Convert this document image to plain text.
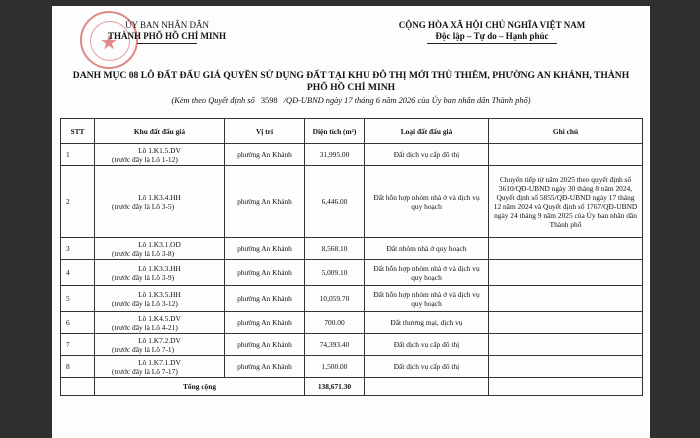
★
ỦY BAN NHÂN DÂN
THÀNH PHỐ HỒ CHÍ MINH
CỘNG HÒA XÃ HỘI CHỦ NGHĨA VIỆT NAM
Độc lập – Tự do – Hạnh phúc
DANH MỤC 08 LÔ ĐẤT ĐẤU GIÁ QUYỀN SỬ DỤNG ĐẤT TẠI KHU ĐÔ THỊ MỚI THỦ THIÊM, PHƯỜNG AN KHÁNH, THÀNH PHỐ HỒ CHÍ MINH
(Kèm theo Quyết định số 3598 /QĐ-UBND ngày 17 tháng 6 năm 2026 của Ủy ban nhân dân Thành phố)
STT	Khu đất đấu giá	Vị trí	Diện tích (m²)	Loại đất đấu giá	Ghi chú
1	Lô 1.K1.5.DV
(trước đây là Lô 1-12)	phường An Khánh	31,995.00	Đất dịch vụ cấp đô thị	
2	Lô 1.K3.4.HH
(trước đây là Lô 3-5)	phường An Khánh	6,446.00	Đất hỗn hợp nhóm nhà ở và dịch vụ quy hoạch	Chuyển tiếp từ năm 2025 theo quyết định số 3610/QĐ-UBND ngày 30 tháng 8 năm 2024, Quyết định số 5855/QĐ-UBND ngày 17 tháng 12 năm 2024 và Quyết định số 1767/QĐ-UBND ngày 24 tháng 9 năm 2025 của Ủy ban nhân dân Thành phố
3	Lô 1.K3.1.OD
(trước đây là Lô 3-8)	phường An Khánh	8,568.10	Đất nhóm nhà ở quy hoạch	
4	Lô 1.K3.3.HH
(trước đây là Lô 3-9)	phường An Khánh	5,009.10	Đất hỗn hợp nhóm nhà ở và dịch vụ quy hoạch	
5	Lô 1.K3.5.HH
(trước đây là Lô 3-12)	phường An Khánh	10,059.70	Đất hỗn hợp nhóm nhà ở và dịch vụ quy hoạch	
6	Lô 1.K4.5.DV
(trước đây là Lô 4-21)	phường An Khánh	700.00	Đất thương mại, dịch vụ	
7	Lô 1.K7.2.DV
(trước đây là Lô 7-1)	phường An Khánh	74,393.40	Đất dịch vụ cấp đô thị	
8	Lô 1.K7.1.DV
(trước đây là Lô 7-17)	phường An Khánh	1,500.00	Đất dịch vụ cấp đô thị	
	Tổng cộng		138,671.30		
